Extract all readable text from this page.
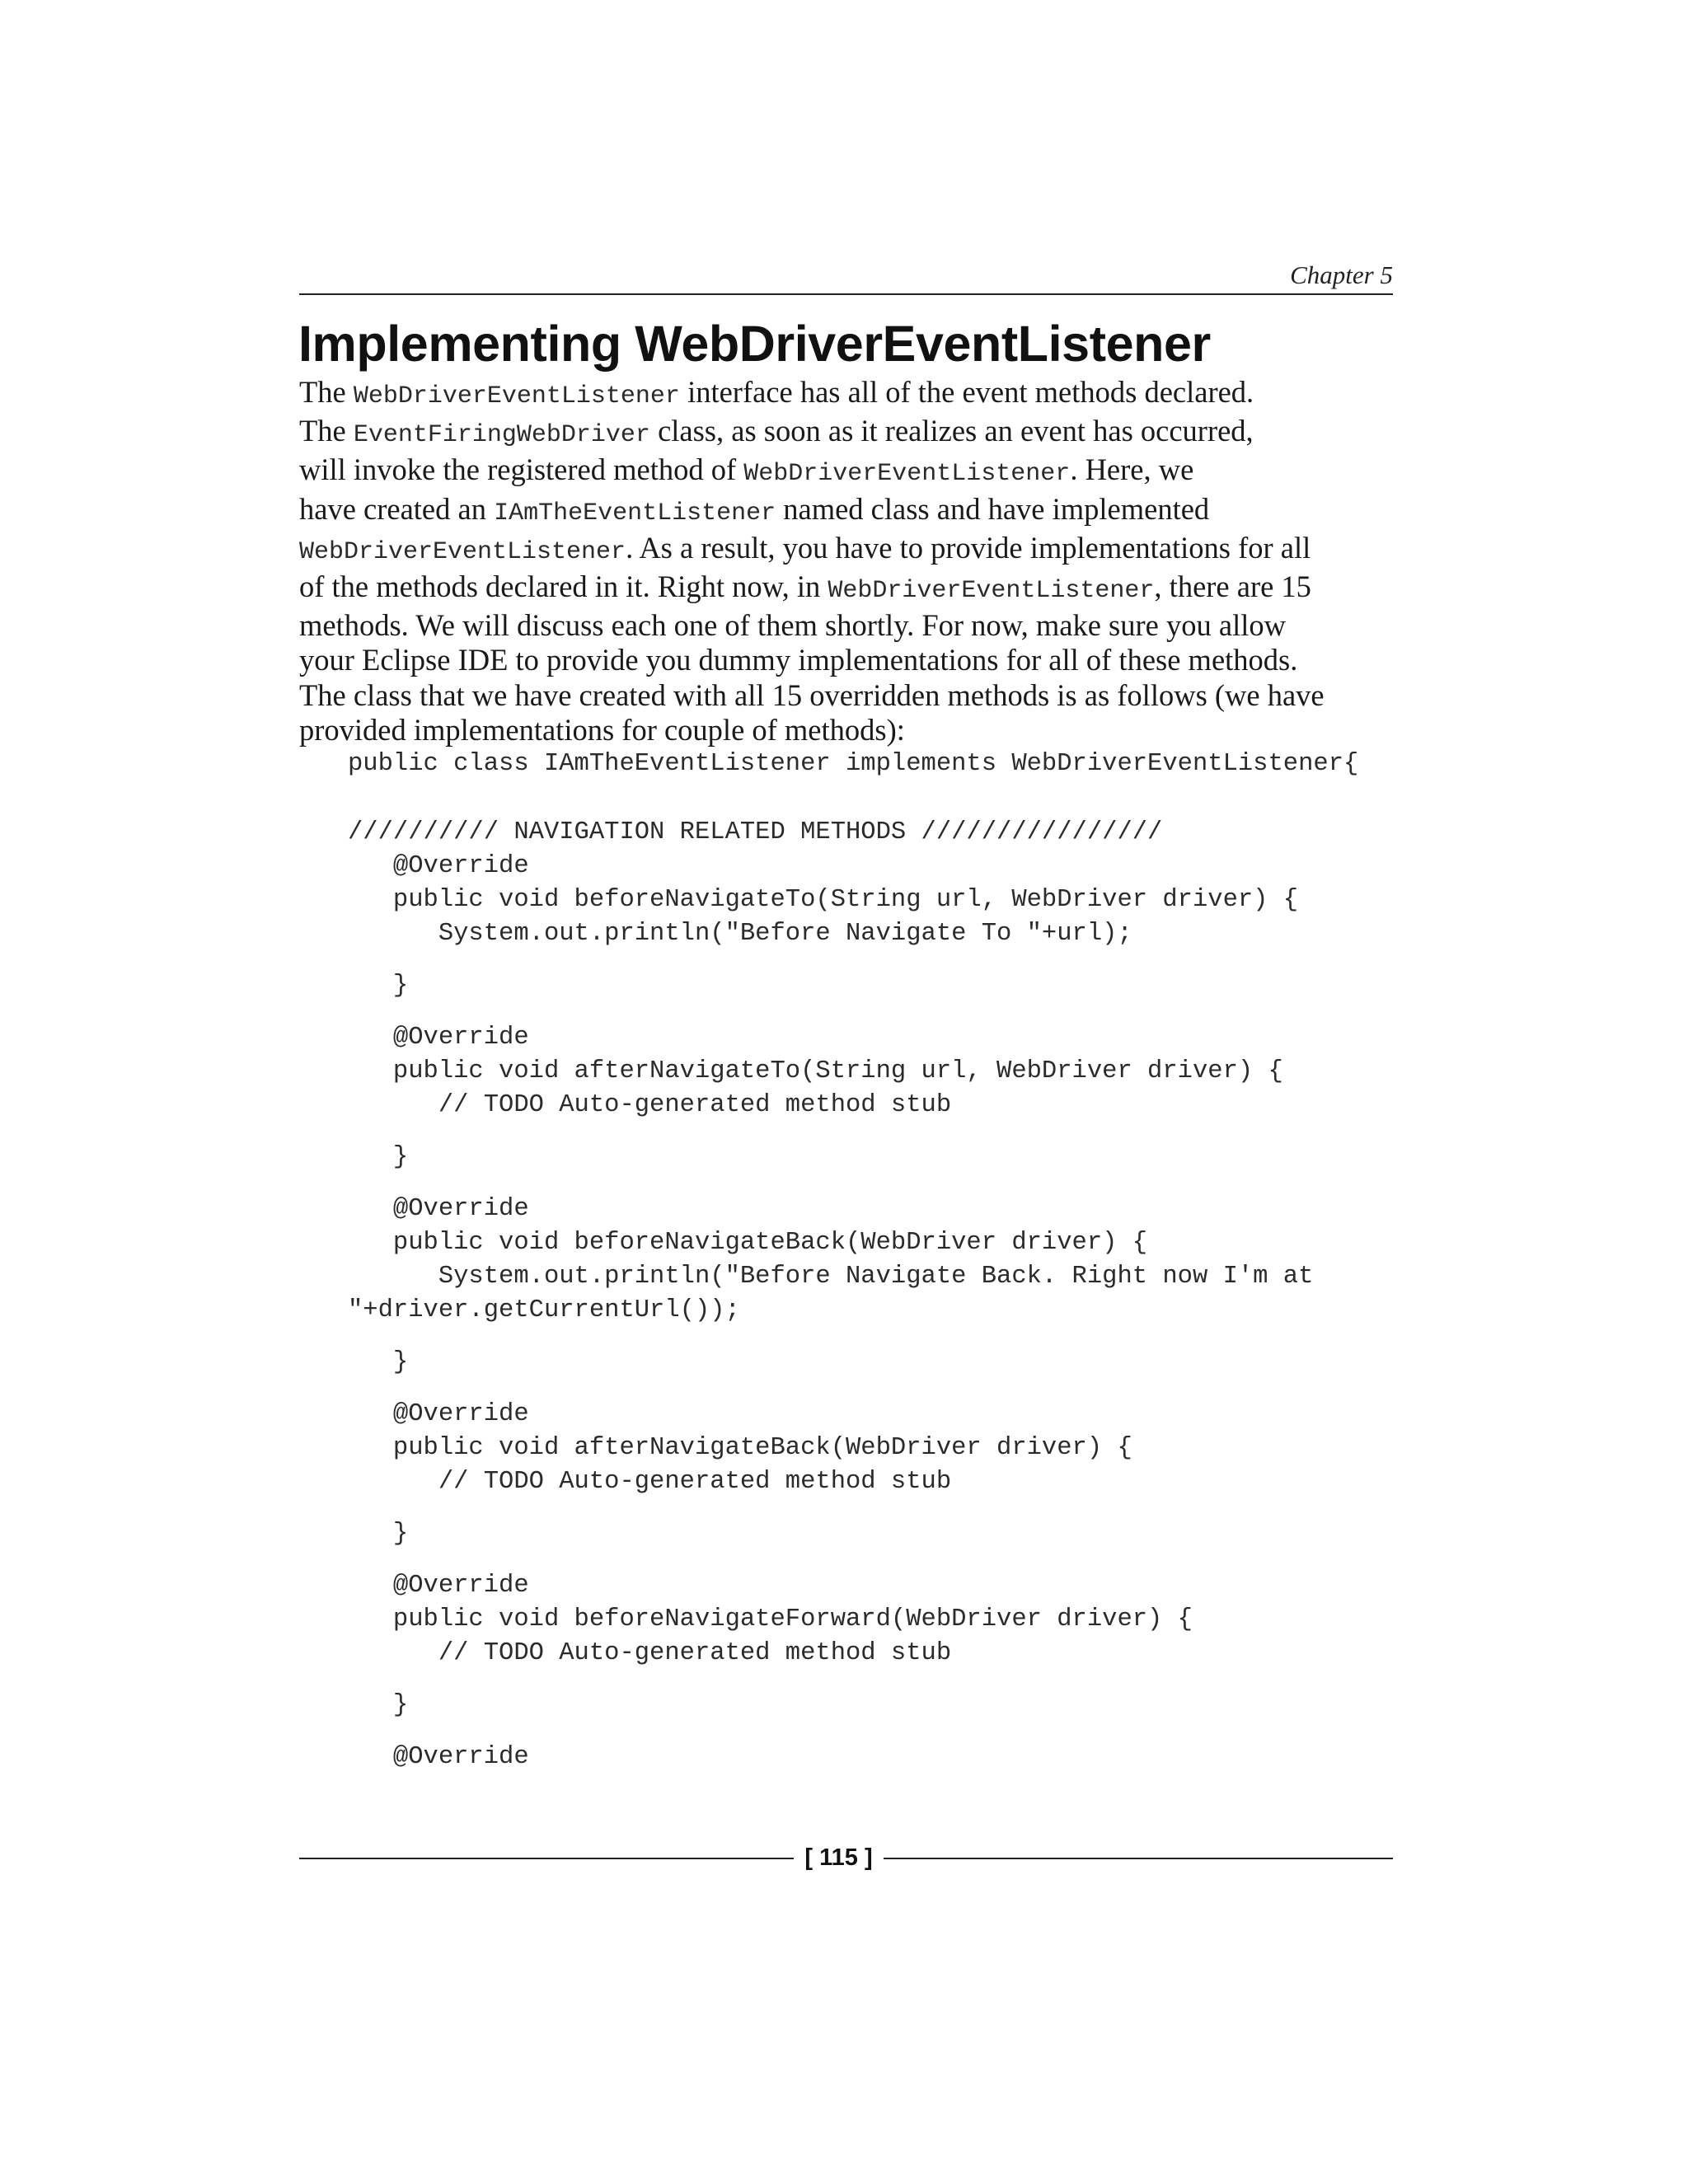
Chapter 5
Implementing WebDriverEventListener

The WebDriverEventListener interface has all of the event methods declared.
The EventFiringWebDriver class, as soon as it realizes an event has occurred,
will invoke the registered method of WebDriverEventListener. Here, we
have created an IAmTheEventListener named class and have implemented
WebDriverEventListener. As a result, you have to provide implementations for all
of the methods declared in it. Right now, in WebDriverEventListener, there are 15
methods. We will discuss each one of them shortly. For now, make sure you allow
your Eclipse IDE to provide you dummy implementations for all of these methods.
The class that we have created with all 15 overridden methods is as follows (we have
provided implementations for couple of methods):

public class IAmTheEventListener implements WebDriverEventListener{
////////// NAVIGATION RELATED METHODS ////////////////
@Override
public void beforeNavigateTo(String url, WebDriver driver) {
System.out.println("Before Navigate To "+url);
}
@Override
public void afterNavigateTo(String url, WebDriver driver) {
// TODO Auto-generated method stub
}
@Override
public void beforeNavigateBack(WebDriver driver) {
System.out.println("Before Navigate Back. Right now I'm at
"+driver.getCurrentUrl());
}
@Override
public void afterNavigateBack(WebDriver driver) {
// TODO Auto-generated method stub
}
@Override
public void beforeNavigateForward(WebDriver driver) {
// TODO Auto-generated method stub
}
@Override
[ 115 ]
